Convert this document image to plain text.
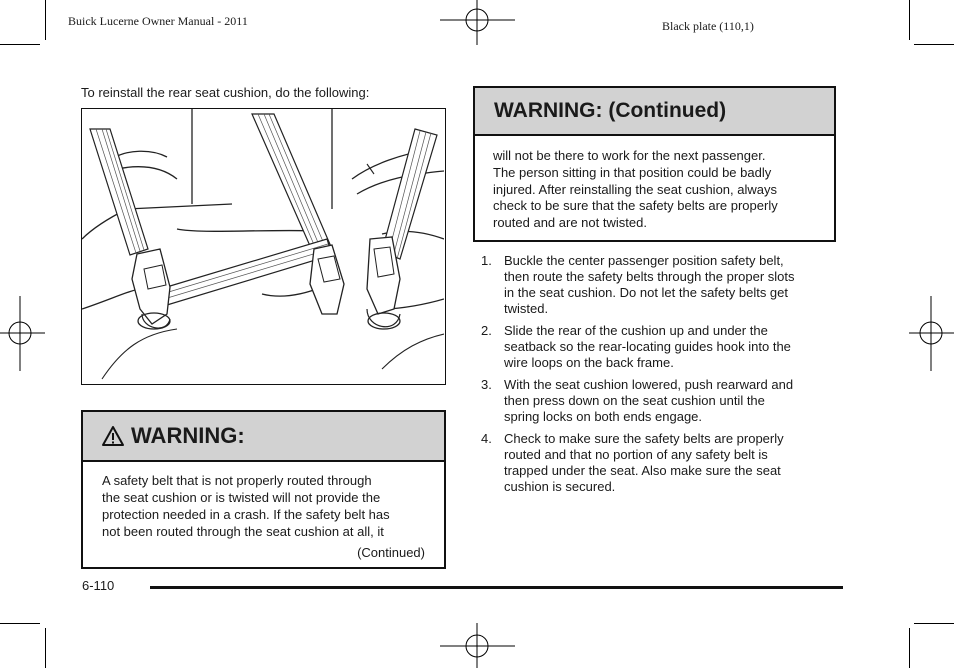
Buick Lucerne Owner Manual - 2011	Black plate (110,1)
To reinstall the rear seat cushion, do the following:
WARNING:
A safety belt that is not properly routed through
the seat cushion or is twisted will not provide the
protection needed in a crash. If the safety belt has
not been routed through the seat cushion at all, it
(Continued)
WARNING: (Continued)
will not be there to work for the next passenger.
The person sitting in that position could be badly
injured. After reinstalling the seat cushion, always
check to be sure that the safety belts are properly
routed and are not twisted.
1. Buckle the center passenger position safety belt,
then route the safety belts through the proper slots
in the seat cushion. Do not let the safety belts get
twisted.
2. Slide the rear of the cushion up and under the
seatback so the rear-locating guides hook into the
wire loops on the back frame.
3. With the seat cushion lowered, push rearward and
then press down on the seat cushion until the
spring locks on both ends engage.
4. Check to make sure the safety belts are properly
routed and that no portion of any safety belt is
trapped under the seat. Also make sure the seat
cushion is secured.
6-110
